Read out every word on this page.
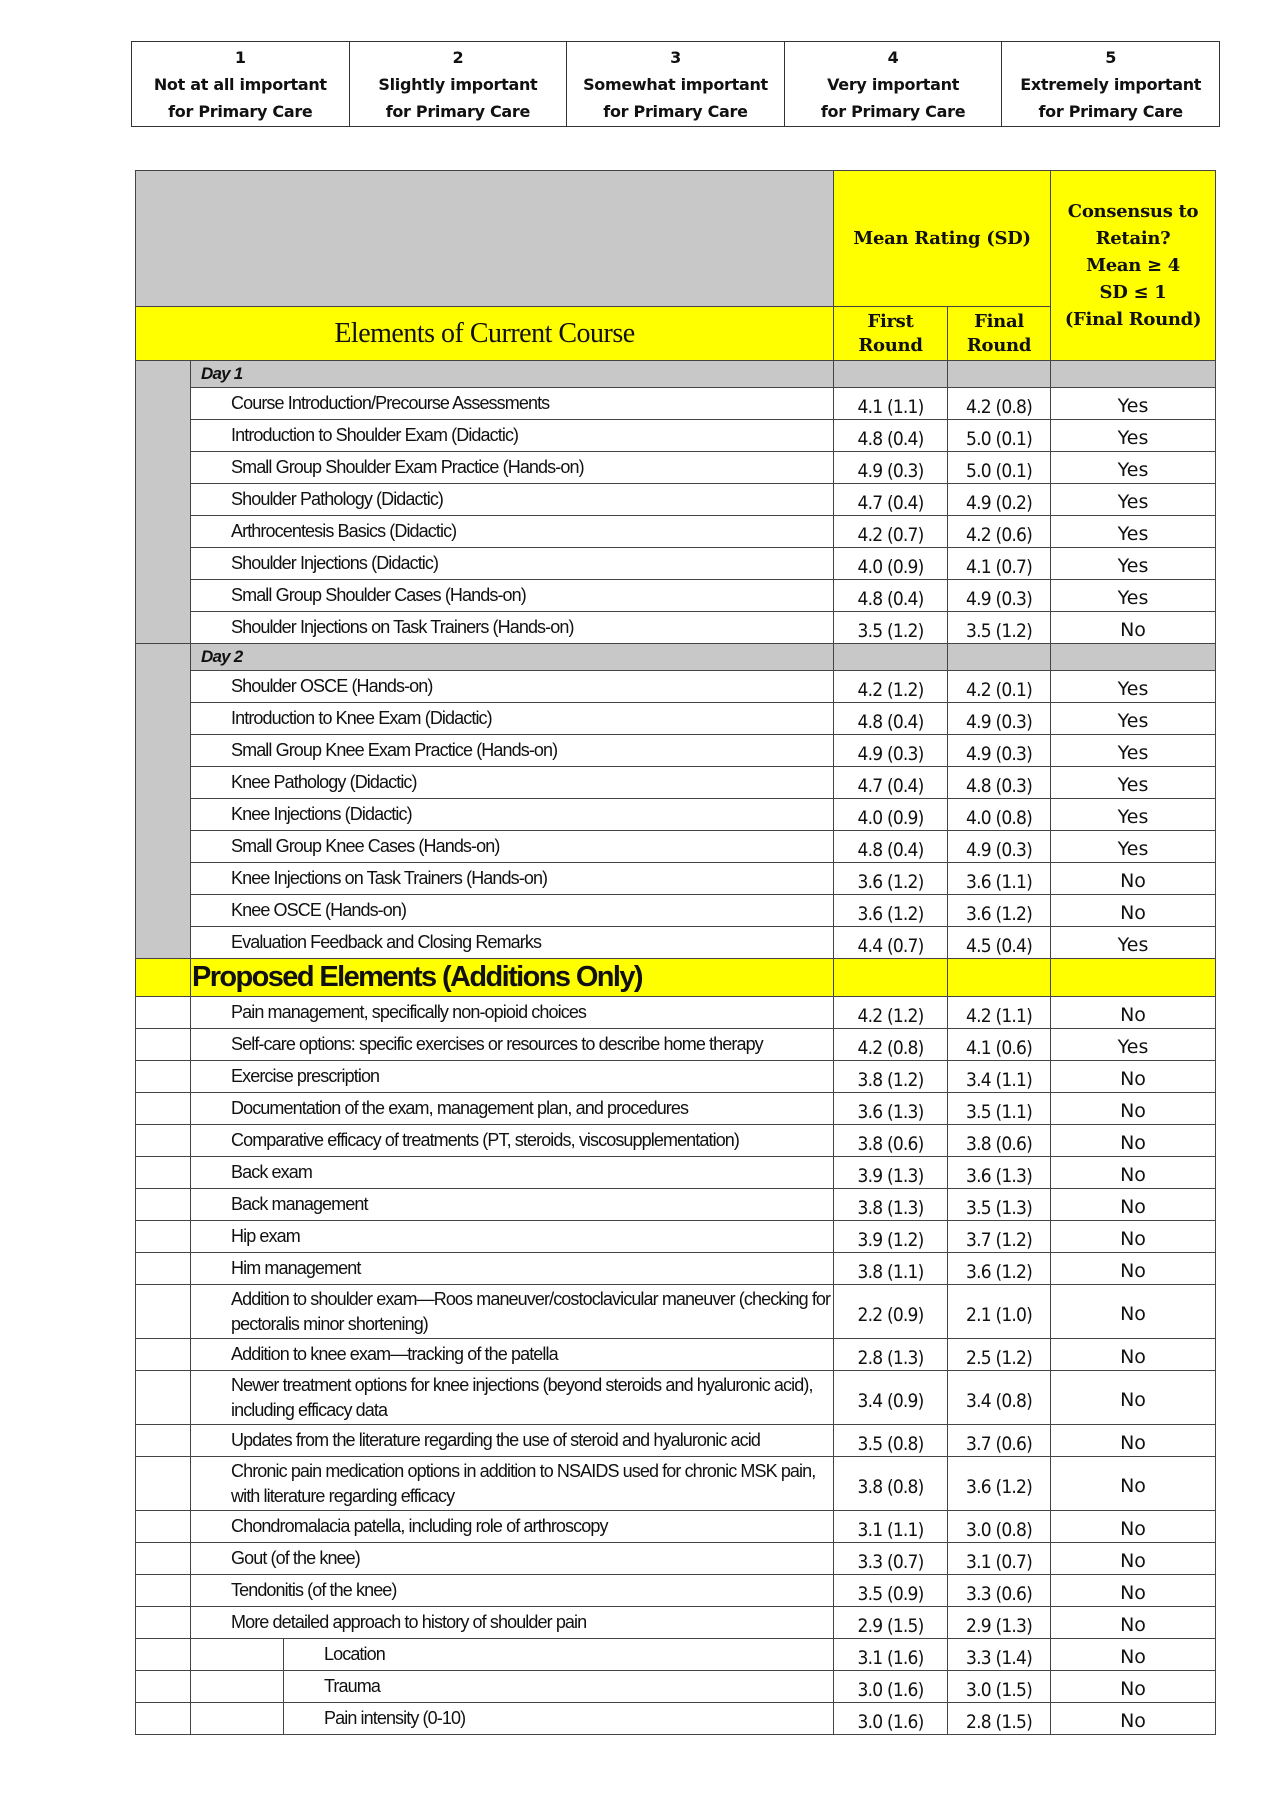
1
Not at all important
for Primary Care	2
Slightly important
for Primary Care	3
Somewhat important
for Primary Care	4
Very important
for Primary Care	5
Extremely important
for Primary Care
			Mean Rating (SD)		Consensus to
Retain?
Mean ≥ 4
SD ≤ 1
(Final Round)
Elements of Current Course			First
Round	Final
Round	
	Day 1				
	Course Introduction/Precourse Assessments		4.1 (1.1)	4.2 (0.8)	Yes
	Introduction to Shoulder Exam (Didactic)		4.8 (0.4)	5.0 (0.1)	Yes
	Small Group Shoulder Exam Practice (Hands-on)		4.9 (0.3)	5.0 (0.1)	Yes
	Shoulder Pathology (Didactic)		4.7 (0.4)	4.9 (0.2)	Yes
	Arthrocentesis Basics (Didactic)		4.2 (0.7)	4.2 (0.6)	Yes
	Shoulder Injections (Didactic)		4.0 (0.9)	4.1 (0.7)	Yes
	Small Group Shoulder Cases (Hands-on)		4.8 (0.4)	4.9 (0.3)	Yes
	Shoulder Injections on Task Trainers (Hands-on)		3.5 (1.2)	3.5 (1.2)	No
	Day 2				
	Shoulder OSCE (Hands-on)		4.2 (1.2)	4.2 (0.1)	Yes
	Introduction to Knee Exam (Didactic)		4.8 (0.4)	4.9 (0.3)	Yes
	Small Group Knee Exam Practice (Hands-on)		4.9 (0.3)	4.9 (0.3)	Yes
	Knee Pathology (Didactic)		4.7 (0.4)	4.8 (0.3)	Yes
	Knee Injections (Didactic)		4.0 (0.9)	4.0 (0.8)	Yes
	Small Group Knee Cases (Hands-on)		4.8 (0.4)	4.9 (0.3)	Yes
	Knee Injections on Task Trainers (Hands-on)		3.6 (1.2)	3.6 (1.1)	No
	Knee OSCE (Hands-on)		3.6 (1.2)	3.6 (1.2)	No
	Evaluation Feedback and Closing Remarks		4.4 (0.7)	4.5 (0.4)	Yes
	Proposed Elements (Additions Only)				
	Pain management, specifically non-opioid choices		4.2 (1.2)	4.2 (1.1)	No
	Self-care options: specific exercises or resources to describe home therapy		4.2 (0.8)	4.1 (0.6)	Yes
	Exercise prescription		3.8 (1.2)	3.4 (1.1)	No
	Documentation of the exam, management plan, and procedures		3.6 (1.3)	3.5 (1.1)	No
	Comparative efficacy of treatments (PT, steroids, viscosupplementation)		3.8 (0.6)	3.8 (0.6)	No
	Back exam		3.9 (1.3)	3.6 (1.3)	No
	Back management		3.8 (1.3)	3.5 (1.3)	No
	Hip exam		3.9 (1.2)	3.7 (1.2)	No
	Him management		3.8 (1.1)	3.6 (1.2)	No
	Addition to shoulder exam—Roos maneuver/costoclavicular maneuver (checking for pectoralis minor shortening)		2.2 (0.9)	2.1 (1.0)	No
	Addition to knee exam—tracking of the patella		2.8 (1.3)	2.5 (1.2)	No
	Newer treatment options for knee injections (beyond steroids and hyaluronic acid), including efficacy data		3.4 (0.9)	3.4 (0.8)	No
	Updates from the literature regarding the use of steroid and hyaluronic acid		3.5 (0.8)	3.7 (0.6)	No
	Chronic pain medication options in addition to NSAIDS used for chronic MSK pain, with literature regarding efficacy		3.8 (0.8)	3.6 (1.2)	No
	Chondromalacia patella, including role of arthroscopy		3.1 (1.1)	3.0 (0.8)	No
	Gout (of the knee)		3.3 (0.7)	3.1 (0.7)	No
	Tendonitis (of the knee)		3.5 (0.9)	3.3 (0.6)	No
	More detailed approach to history of shoulder pain		2.9 (1.5)	2.9 (1.3)	No
		Location	3.1 (1.6)	3.3 (1.4)	No
		Trauma	3.0 (1.6)	3.0 (1.5)	No
		Pain intensity (0-10)	3.0 (1.6)	2.8 (1.5)	No
